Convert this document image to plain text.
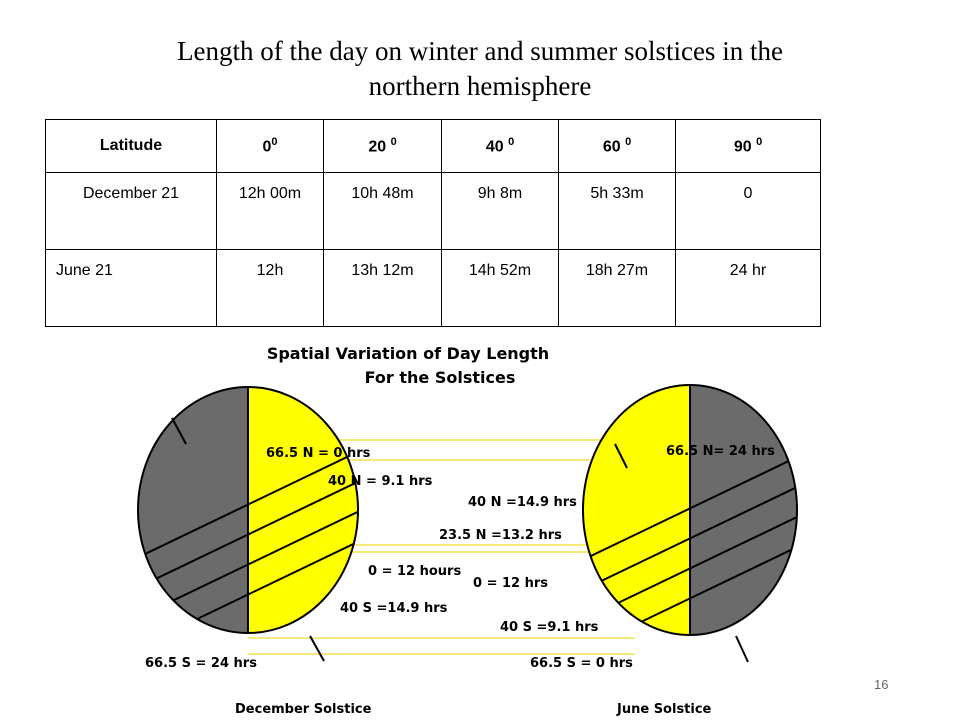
Length of the day on winter and summer solstices in the
northern hemisphere
Latitude	$0^0$	20 $^0$	40 $^0$	60 $^0$	90 $^0$
December 21	12h 00m	10h 48m	9h 8m	5h 33m	0
June 21	12h	13h 12m	14h 52m	18h 27m	24 hr
Spatial Variation of Day Length
For the Solstices
66.5 N = 0 hrs
40 N = 9.1 hrs
0 = 12 hours
40 S =14.9 hrs
66.5 S = 24 hrs
66.5 N= 24 hrs
40 N =14.9 hrs
23.5 N =13.2 hrs
0 = 12 hrs
40 S =9.1 hrs
66.5 S = 0 hrs
December Solstice	June Solstice
16
